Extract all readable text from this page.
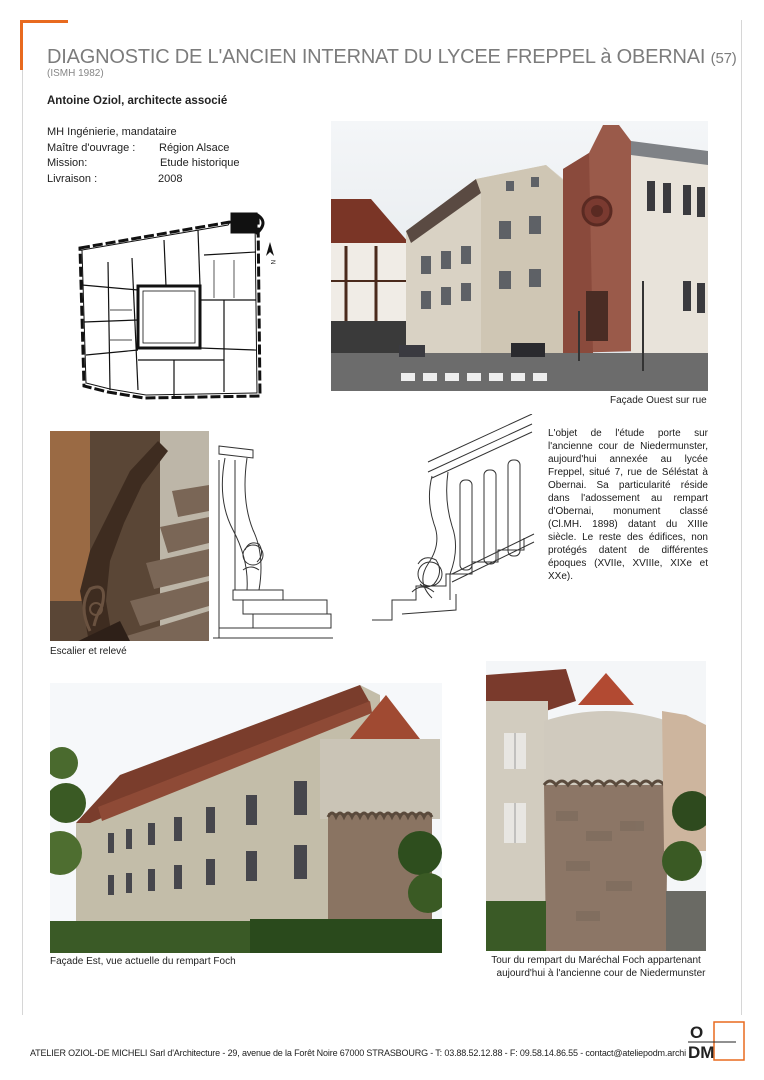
DIAGNOSTIC DE L'ANCIEN INTERNAT DU LYCEE FREPPEL à OBERNAI (57)
(ISMH 1982)
Antoine Oziol, architecte associé
MH Ingénierie, mandataire
Maître d'ouvrage : Région Alsace
Mission:	Etude historique
Livraison :	2008
N
Façade Ouest sur rue

L'objet de l'étude porte sur l'ancienne cour de Niedermunster, aujourd'hui annexée au lycée Freppel, situé 7, rue de Séléstat à Obernai. Sa particularité réside dans l'adossement au rempart d'Obernai, monument classé (Cl.MH. 1898) datant du XIIIe siècle. Le reste des édifices, non protégés datent de différentes époques (XVIIe, XVIIIe, XIXe et XXe).

Escalier et relevé
Façade Est, vue actuelle du rempart Foch	Tour du rempart du Maréchal Foch appartenant
aujourd'hui à l'ancienne cour de Niedermunster
ATELIER OZIOL-DE MICHELI Sarl d'Architecture - 29, avenue de la Forêt Noire 67000 STRASBOURG - T: 03.88.52.12.88 - F: 09.58.14.86.55 - contact@ateliерodm.archi
O
DM
